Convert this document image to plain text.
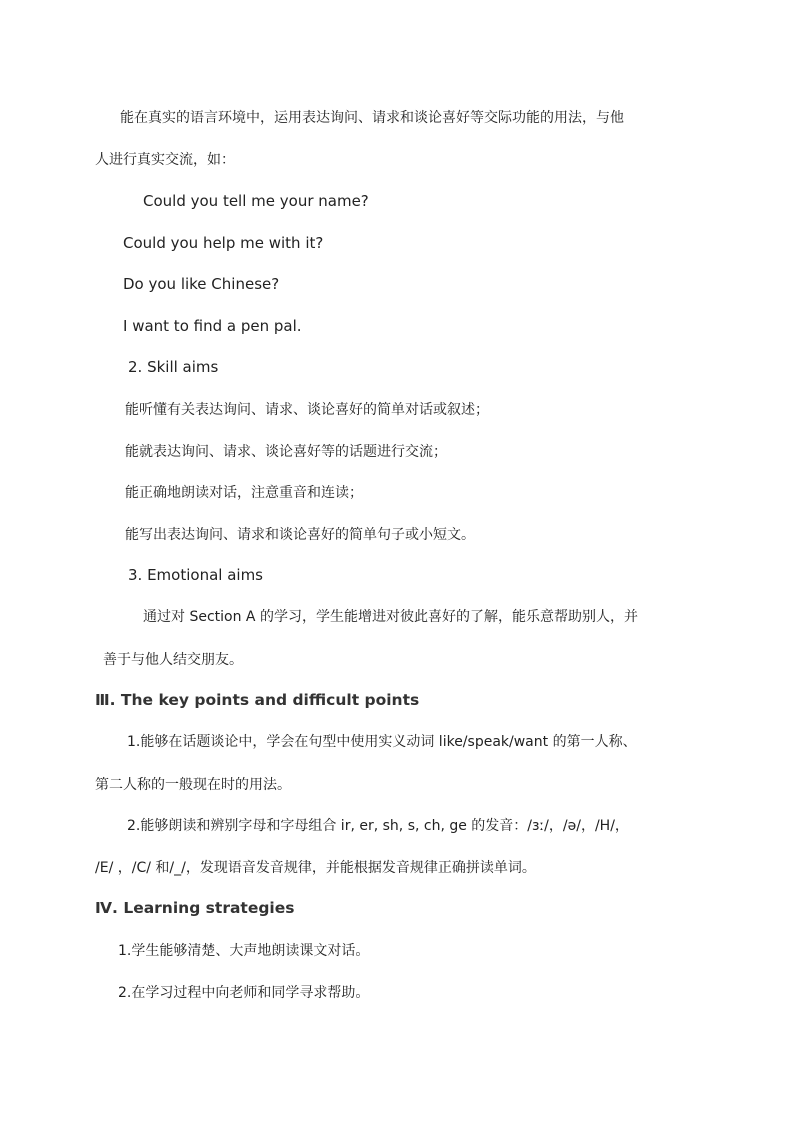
能在真实的语言环境中，运用表达询问、请求和谈论喜好等交际功能的用法，与他
人进行真实交流，如：
Could you tell me your name?
Could you help me with it?
Do you like Chinese?
I want to find a pen pal.
2. Skill aims
能听懂有关表达询问、请求、谈论喜好的简单对话或叙述；
能就表达询问、请求、谈论喜好等的话题进行交流；
能正确地朗读对话，注意重音和连读；
能写出表达询问、请求和谈论喜好的简单句子或小短文。
3. Emotional aims
通过对 Section A 的学习，学生能增进对彼此喜好的了解，能乐意帮助别人，并
善于与他人结交朋友。
Ⅲ. The key points and difficult points
1.能够在话题谈论中，学会在句型中使用实义动词 like/speak/want 的第一人称、
第二人称的一般现在时的用法。
2.能够朗读和辨别字母和字母组合 ir, er, sh, s, ch, ge 的发音：/ɜː/，/ə/，/H/，
/E/ ，/C/ 和/_/，发现语音发音规律，并能根据发音规律正确拼读单词。
Ⅳ. Learning strategies
1.学生能够清楚、大声地朗读课文对话。
2.在学习过程中向老师和同学寻求帮助。
